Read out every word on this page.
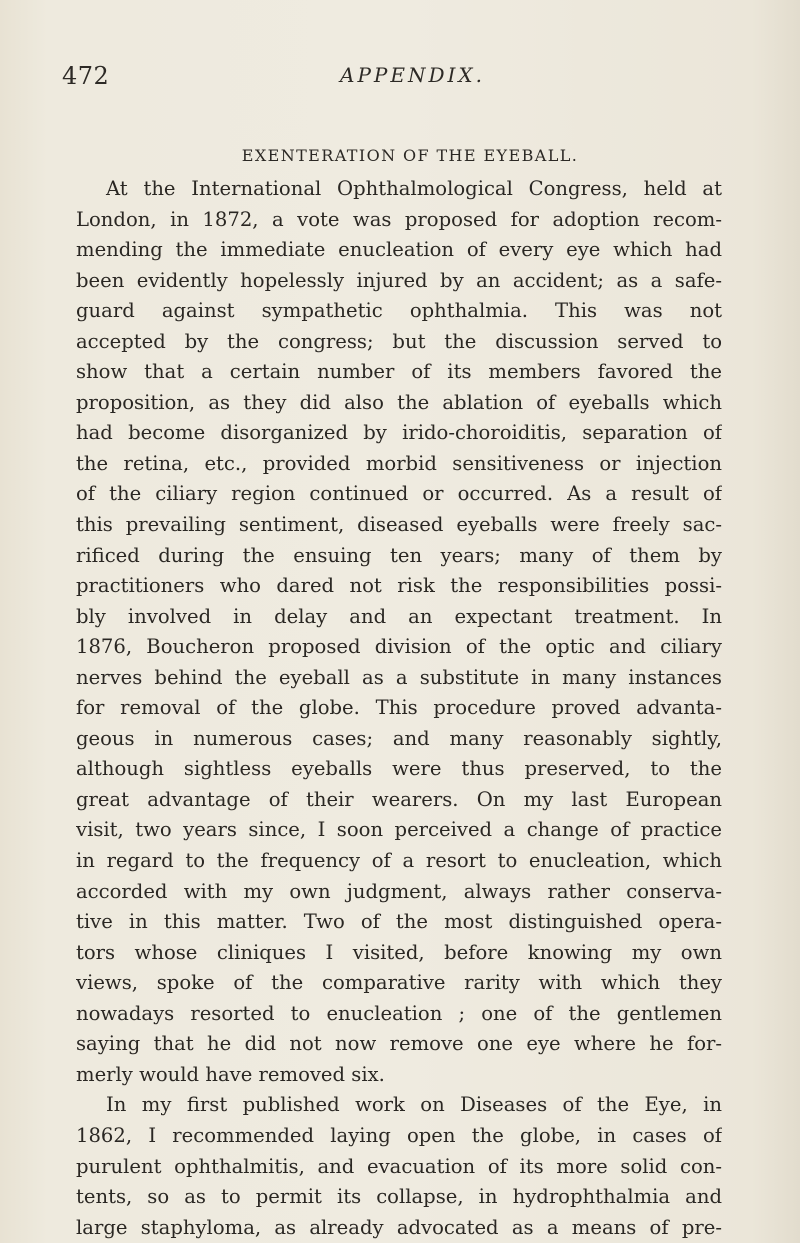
472	APPENDIX.
EXENTERATION OF THE EYEBALL.
At the International Ophthalmological Congress, held at
London, in 1872, a vote was proposed for adoption recom-
mending the immediate enucleation of every eye which had
been evidently hopelessly injured by an accident; as a safe-
guard against sympathetic ophthalmia. This was not
accepted by the congress; but the discussion served to
show that a certain number of its members favored the
proposition, as they did also the ablation of eyeballs which
had become disorganized by irido-choroiditis, separation of
the retina, etc., provided morbid sensitiveness or injection
of the ciliary region continued or occurred. As a result of
this prevailing sentiment, diseased eyeballs were freely sac-
rificed during the ensuing ten years; many of them by
practitioners who dared not risk the responsibilities possi-
bly involved in delay and an expectant treatment. In
1876, Boucheron proposed division of the optic and ciliary
nerves behind the eyeball as a substitute in many instances
for removal of the globe. This procedure proved advanta-
geous in numerous cases; and many reasonably sightly,
although sightless eyeballs were thus preserved, to the
great advantage of their wearers. On my last European
visit, two years since, I soon perceived a change of practice
in regard to the frequency of a resort to enucleation, which
accorded with my own judgment, always rather conserva-
tive in this matter. Two of the most distinguished opera-
tors whose cliniques I visited, before knowing my own
views, spoke of the comparative rarity with which they
nowadays resorted to enucleation ; one of the gentlemen
saying that he did not now remove one eye where he for-
merly would have removed six.
In my first published work on Diseases of the Eye, in
1862, I recommended laying open the globe, in cases of
purulent ophthalmitis, and evacuation of its more solid con-
tents, so as to permit its collapse, in hydrophthalmia and
large staphyloma, as already advocated as a means of pre-
